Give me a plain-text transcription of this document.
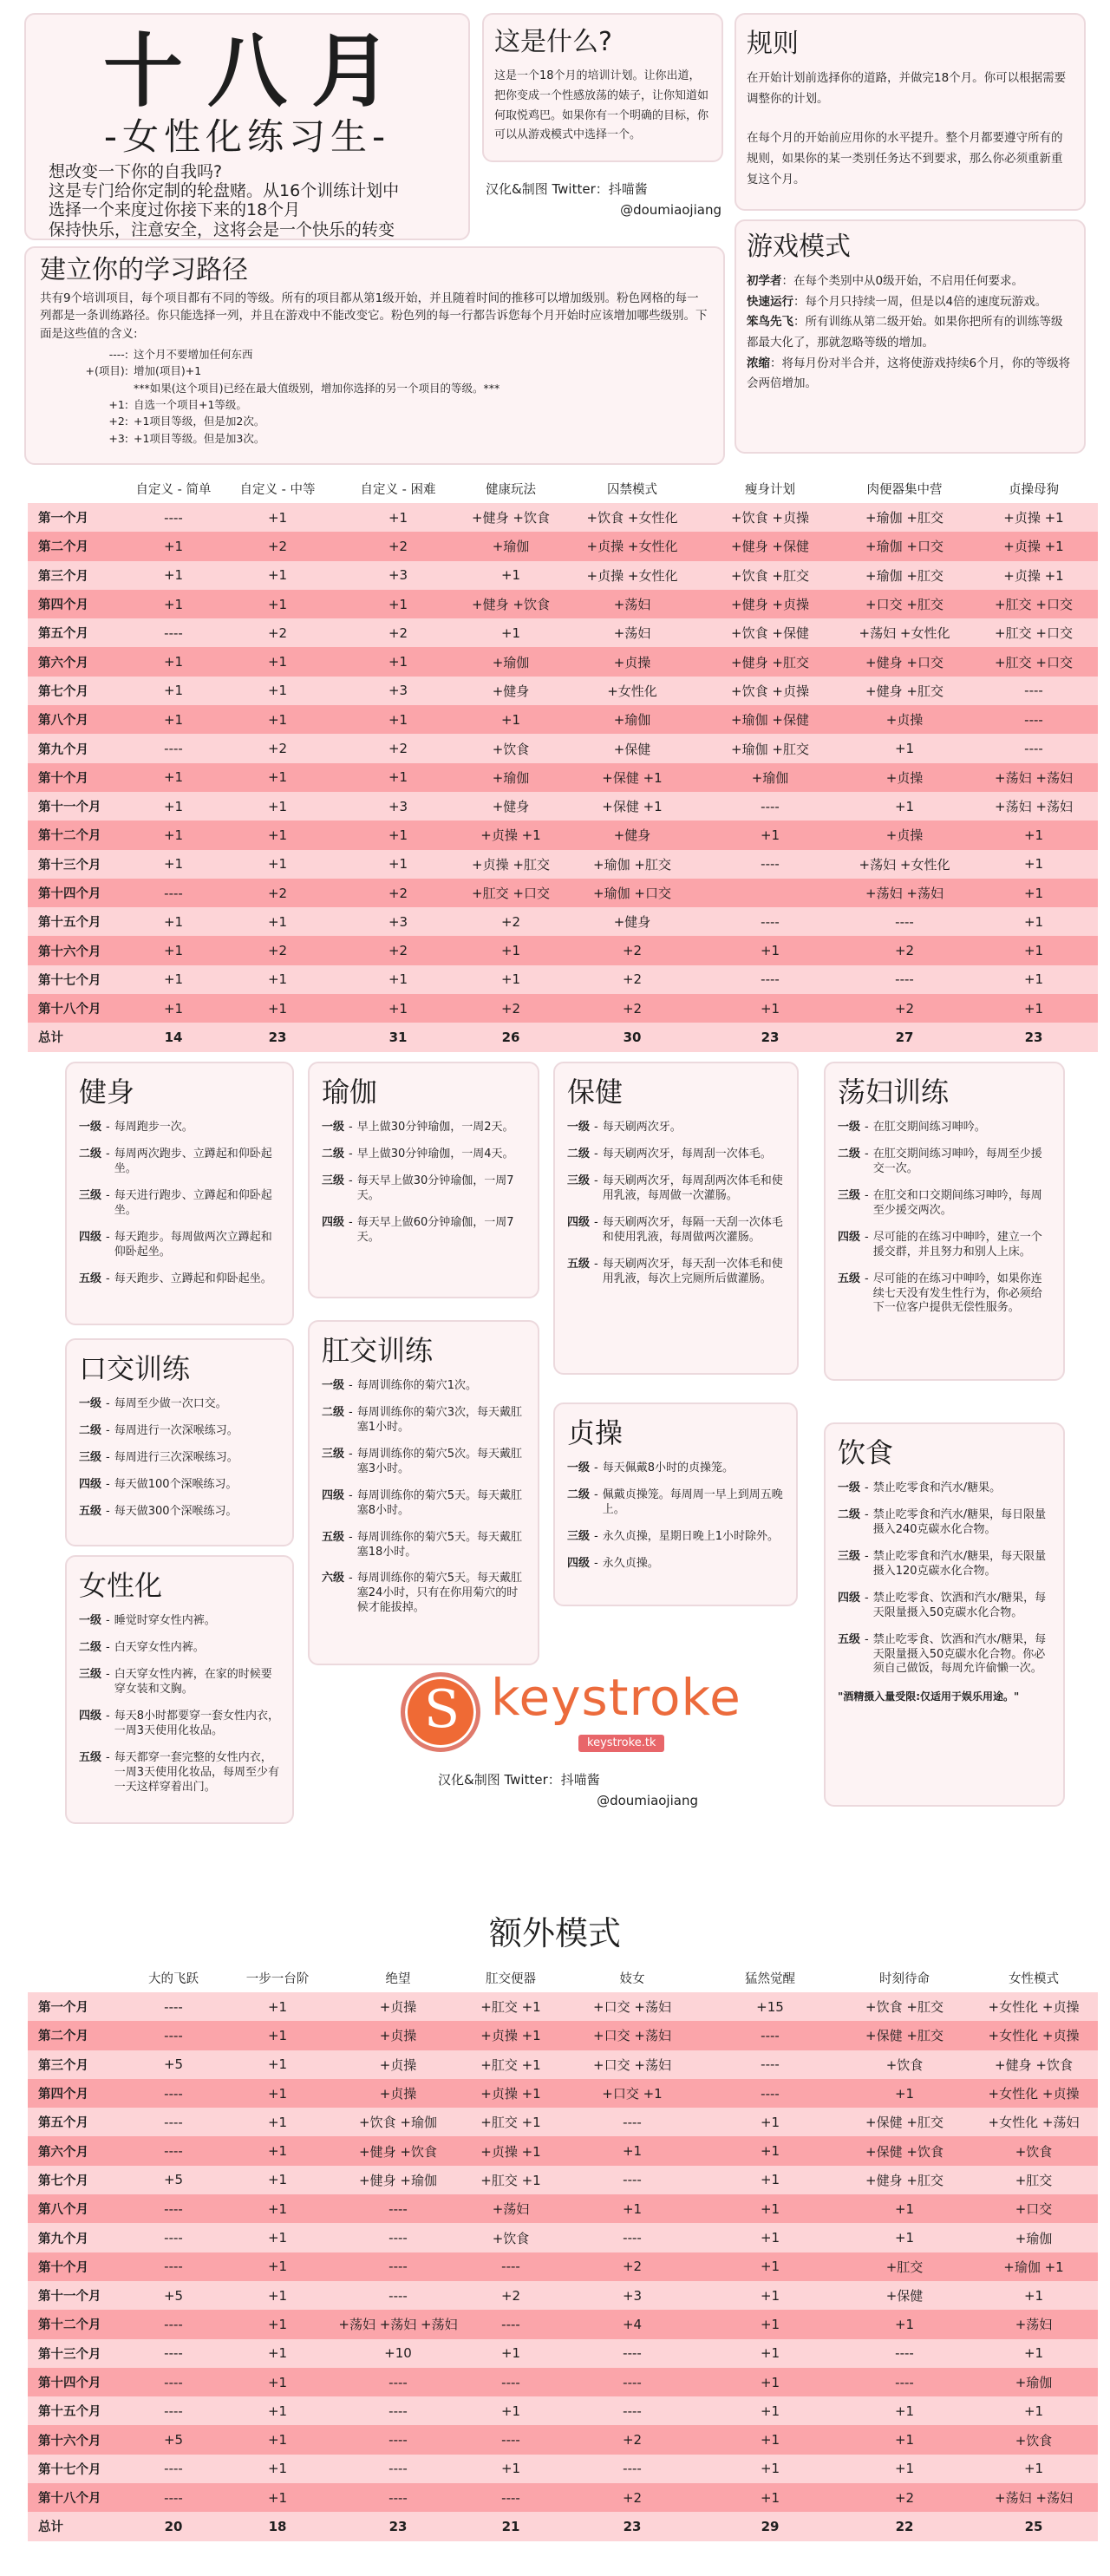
十八月
-女性化练习生-
想改变一下你的自我吗?
这是专门给你定制的轮盘赌。从16个训练计划中
选择一个来度过你接下来的18个月
保持快乐，注意安全，这将会是一个快乐的转变
这是什么?

这是一个18个月的培训计划。让你出道，把你变成一个性感放荡的婊子，让你知道如何取悦鸡巴。如果你有一个明确的目标，你可以从游戏模式中选择一个。

汉化&制图 Twitter：抖喵酱
@doumiaojiang
规则

在开始计划前选择你的道路，并做完18个月。你可以根据需要调整你的计划。

在每个月的开始前应用你的水平提升。整个月都要遵守所有的规则，如果你的某一类别任务达不到要求，那么你必须重新重复这个月。

游戏模式
初学者：在每个类别中从0级开始，不启用任何要求。
快速运行：每个月只持续一周，但是以4倍的速度玩游戏。
笨鸟先飞：所有训练从第二级开始。如果你把所有的训练等级都最大化了，那就忽略等级的增加。
浓缩：将每月份对半合并，这将使游戏持续6个月，你的等级将会两倍增加。
建立你的学习路径

共有9个培训项目，每个项目都有不同的等级。所有的项目都从第1级开始，并且随着时间的推移可以增加级别。粉色网格的每一列都是一条训练路径。你只能选择一列，并且在游戏中不能改变它。粉色列的每一行都告诉您每个月开始时应该增加哪些级别。下面是这些值的含义:

----: 这个月不要增加任何东西
+(项目): 增加(项目)+1
***如果(这个项目)已经在最大值级别，增加你选择的另一个项目的等级。***
+1: 自选一个项目+1等级。
+2: +1项目等级，但是加2次。
+3: +1项目等级。但是加3次。
	自定义 - 简单	自定义 - 中等	自定义 - 困难	健康玩法	囚禁模式	瘦身计划	肉便器集中营	贞操母狗
第一个月	----	+1	+1	+健身 +饮食	+饮食 +女性化	+饮食 +贞操	+瑜伽 +肛交	+贞操 +1
第二个月	+1	+2	+2	+瑜伽	+贞操 +女性化	+健身 +保健	+瑜伽 +口交	+贞操 +1
第三个月	+1	+1	+3	+1	+贞操 +女性化	+饮食 +肛交	+瑜伽 +肛交	+贞操 +1
第四个月	+1	+1	+1	+健身 +饮食	+荡妇	+健身 +贞操	+口交 +肛交	+肛交 +口交
第五个月	----	+2	+2	+1	+荡妇	+饮食 +保健	+荡妇 +女性化	+肛交 +口交
第六个月	+1	+1	+1	+瑜伽	+贞操	+健身 +肛交	+健身 +口交	+肛交 +口交
第七个月	+1	+1	+3	+健身	+女性化	+饮食 +贞操	+健身 +肛交	----
第八个月	+1	+1	+1	+1	+瑜伽	+瑜伽 +保健	+贞操	----
第九个月	----	+2	+2	+饮食	+保健	+瑜伽 +肛交	+1	----
第十个月	+1	+1	+1	+瑜伽	+保健 +1	+瑜伽	+贞操	+荡妇 +荡妇
第十一个月	+1	+1	+3	+健身	+保健 +1	----	+1	+荡妇 +荡妇
第十二个月	+1	+1	+1	+贞操 +1	+健身	+1	+贞操	+1
第十三个月	+1	+1	+1	+贞操 +肛交	+瑜伽 +肛交	----	+荡妇 +女性化	+1
第十四个月	----	+2	+2	+肛交 +口交	+瑜伽 +口交		+荡妇 +荡妇	+1
第十五个月	+1	+1	+3	+2	+健身	----	----	+1
第十六个月	+1	+2	+2	+1	+2	+1	+2	+1
第十七个月	+1	+1	+1	+1	+2	----	----	+1
第十八个月	+1	+1	+1	+2	+2	+1	+2	+1
总计	14	23	31	26	30	23	27	23
健身
一级 - 每周跑步一次。
二级 - 每周两次跑步、立蹲起和仰卧起坐。
三级 - 每天进行跑步、立蹲起和仰卧起坐。
四级 - 每天跑步。每周做两次立蹲起和仰卧起坐。
五级 - 每天跑步、立蹲起和仰卧起坐。
瑜伽
一级 - 早上做30分钟瑜伽，一周2天。
二级 - 早上做30分钟瑜伽，一周4天。
三级 - 每天早上做30分钟瑜伽，一周7天。
四级 - 每天早上做60分钟瑜伽，一周7天。
保健
一级 - 每天刷两次牙。
二级 - 每天刷两次牙，每周刮一次体毛。
三级 - 每天刷两次牙，每周刮两次体毛和使用乳液，每周做一次灌肠。
四级 - 每天刷两次牙，每隔一天刮一次体毛和使用乳液，每周做两次灌肠。
五级 - 每天刷两次牙，每天刮一次体毛和使用乳液，每次上完厕所后做灌肠。
荡妇训练
一级 - 在肛交期间练习呻吟。
二级 - 在肛交期间练习呻吟，每周至少援交一次。
三级 - 在肛交和口交期间练习呻吟，每周至少援交两次。
四级 - 尽可能的在练习中呻吟，建立一个援交群，并且努力和别人上床。
五级 - 尽可能的在练习中呻吟，如果你连续七天没有发生性行为，你必须给下一位客户提供无偿性服务。
口交训练
一级 - 每周至少做一次口交。
二级 - 每周进行一次深喉练习。
三级 - 每周进行三次深喉练习。
四级 - 每天做100个深喉练习。
五级 - 每天做300个深喉练习。
肛交训练
一级 - 每周训练你的菊穴1次。
二级 - 每周训练你的菊穴3次，每天戴肛塞1小时。
三级 - 每周训练你的菊穴5次。每天戴肛塞3小时。
四级 - 每周训练你的菊穴5天。每天戴肛塞8小时。
五级 - 每周训练你的菊穴5天。每天戴肛塞18小时。
六级 - 每周训练你的菊穴5天。每天戴肛塞24小时，只有在你用菊穴的时候才能拔掉。
女性化
一级 - 睡觉时穿女性内裤。
二级 - 白天穿女性内裤。
三级 - 白天穿女性内裤，在家的时候要穿女装和文胸。
四级 - 每天8小时都要穿一套女性内衣，一周3天使用化妆品。
五级 - 每天都穿一套完整的女性内衣，一周3天使用化妆品，每周至少有一天这样穿着出门。
贞操
一级 - 每天佩戴8小时的贞操笼。
二级 - 佩戴贞操笼。每周周一早上到周五晚上。
三级 - 永久贞操，星期日晚上1小时除外。
四级 - 永久贞操。
饮食
一级 - 禁止吃零食和汽水/糖果。
二级 - 禁止吃零食和汽水/糖果，每日限量摄入240克碳水化合物。
三级 - 禁止吃零食和汽水/糖果，每天限量摄入120克碳水化合物。
四级 - 禁止吃零食、饮酒和汽水/糖果，每天限量摄入50克碳水化合物。
五级 - 禁止吃零食、饮酒和汽水/糖果，每天限量摄入50克碳水化合物。你必须自己做饭，每周允许偷懒一次。
"酒精摄入量受限:仅适用于娱乐用途。"
S keystroke
keystroke.tk
汉化&制图 Twitter：抖喵酱
@doumiaojiang
额外模式
	大的飞跃	一步一台阶	绝望	肛交便器	妓女	猛然觉醒	时刻待命	女性模式
第一个月	----	+1	+贞操	+肛交 +1	+口交 +荡妇	+15	+饮食 +肛交	+女性化 +贞操
第二个月	----	+1	+贞操	+贞操 +1	+口交 +荡妇	----	+保健 +肛交	+女性化 +贞操
第三个月	+5	+1	+贞操	+肛交 +1	+口交 +荡妇	----	+饮食	+健身 +饮食
第四个月	----	+1	+贞操	+贞操 +1	+口交 +1	----	+1	+女性化 +贞操
第五个月	----	+1	+饮食 +瑜伽	+肛交 +1	----	+1	+保健 +肛交	+女性化 +荡妇
第六个月	----	+1	+健身 +饮食	+贞操 +1	+1	+1	+保健 +饮食	+饮食
第七个月	+5	+1	+健身 +瑜伽	+肛交 +1	----	+1	+健身 +肛交	+肛交
第八个月	----	+1	----	+荡妇	+1	+1	+1	+口交
第九个月	----	+1	----	+饮食	----	+1	+1	+瑜伽
第十个月	----	+1	----	----	+2	+1	+肛交	+瑜伽 +1
第十一个月	+5	+1	----	+2	+3	+1	+保健	+1
第十二个月	----	+1	+荡妇 +荡妇 +荡妇	----	+4	+1	+1	+荡妇
第十三个月	----	+1	+10	+1	----	+1	----	+1
第十四个月	----	+1	----	----	----	+1	----	+瑜伽
第十五个月	----	+1	----	+1	----	+1	+1	+1
第十六个月	+5	+1	----	----	+2	+1	+1	+饮食
第十七个月	----	+1	----	+1	----	+1	+1	+1
第十八个月	----	+1	----	----	+2	+1	+2	+荡妇 +荡妇
总计	20	18	23	21	23	29	22	25
